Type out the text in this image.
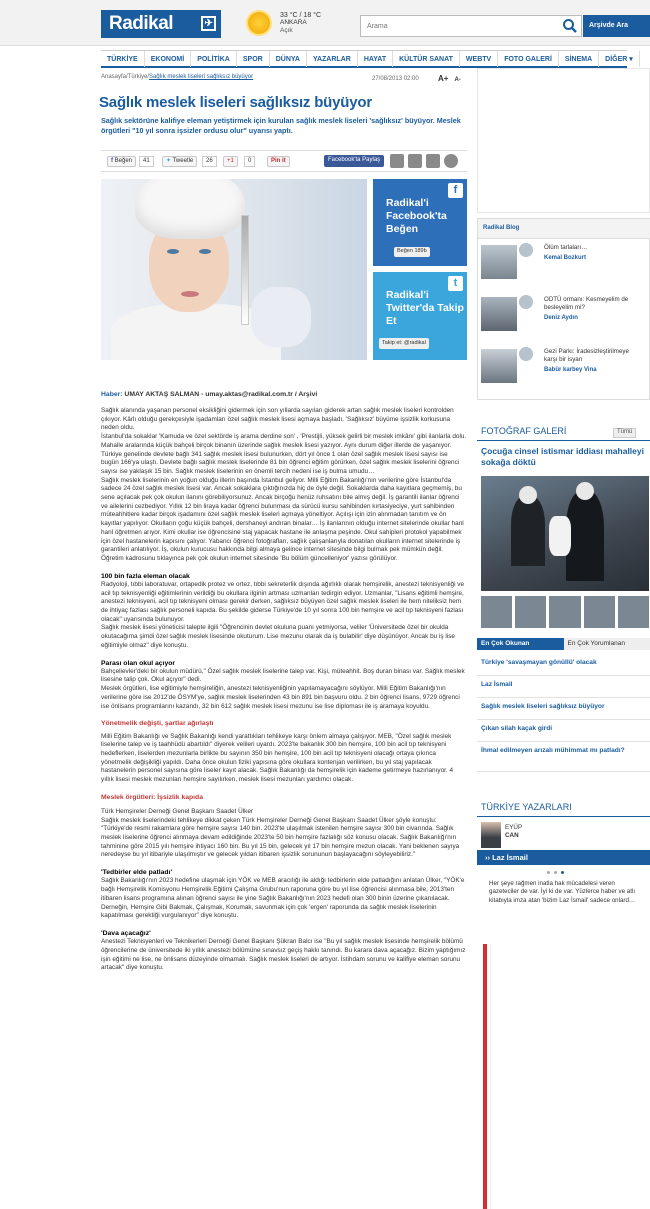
Radikal	✈
33 °C / 18 °C
ANKARA
Açık
Arama
Arşivde Ara
TÜRKİYE	EKONOMİ	POLİTİKA	SPOR	DÜNYA	YAZARLAR	HAYAT	KÜLTÜR SANAT	WEBTV	FOTO GALERİ	SİNEMA	DİĞER ▾
Anasayfa/Türkiye/Sağlık meslek liseleri sağlıksız büyüyor	27/08/2013 02:00 A+ A-
Sağlık meslek liseleri sağlıksız büyüyor
Sağlık sektörüne kalifiye eleman yetiştirmek için kurulan sağlık meslek liseleri 'sağlıksız' büyüyor. Meslek örgütleri "10 yıl sonra işsizler ordusu olur" uyarısı yaptı.
f Beğen	41	✦ Tweetle	26	+1	0	Pin it	Facebook'ta Paylaş
f
Radikal'i Facebook'ta Beğen
Beğen 189b
t
Radikal'i Twitter'da Takip Et
Takip et: @radikal
Haber: UMAY AKTAŞ SALMAN - umay.aktas@radikal.com.tr / Arşivi

Sağlık alanında yaşanan personel eksikliğini gidermek için son yıllarda sayıları giderek artan sağlık meslek liseleri kontrolden çıkıyor. Kârlı olduğu gerekçesiyle işadamları özel sağlık meslek lisesi açmaya başladı. 'Sağlıksız' büyüme işsizlik korkusuna neden oldu.

İstanbul'da sokaklar 'Kamuda ve özel sektörde iş arama derdine son' , 'Prestijli, yüksek gelirli bir meslek imkânı' gibi ilanlarla dolu. Mahalle aralarında küçük bahçeli birçok binanın üzerinde sağlık meslek lisesi yazıyor. Aynı durum diğer illerde de yaşanıyor.

Türkiye genelinde devlete bağlı 341 sağlık meslek lisesi bulunurken, dört yıl önce 1 olan özel sağlık meslek lisesi sayısı ise bugün 166'ya ulaştı. Devlete bağlı sağlık meslek liselerinde 81 bin öğrenci eğitim görürken, özel sağlık meslek liselerini öğrenci sayısı ise yaklaşık 15 bin. Sağlık meslek liselerinin en önemli tercih nedeni ise iş bulma umudu…

Sağlık meslek liselerinin en yoğun olduğu illerin başında İstanbul geliyor. Milli Eğitim Bakanlığı'nın verilerine göre İstanbul'da sadece 24 özel sağlık meslek lisesi var. Ancak sokaklara çıktığınızda hiç de öyle değil. Sokaklarda daha kayıtlara geçmemiş, bu sene açılacak pek çok okulun ilanını görebiliyorsunuz. Ancak birçoğu henüz ruhsatını bile almış değil. İş garantili ilanlar öğrenci ve ailelerini cezbediyor. Yıllık 12 bin liraya kadar öğrenci bulunması da sürücü kursu sahibinden kırtasiyeciye, yurt sahibinden müteahhitlere kadar birçok işadamını özel sağlık meslek liseleri açmaya yöneltiyor. Açılışı için izin alınmadan tanıtım ve ön kayıtlar yapılıyor. Okulların çoğu küçük bahçeli, dershaneyi andıran binalar… İş ilanlarının olduğu internet sitelerinde okullar hanl hanl öğretmen arıyor. Kimi okullar ise öğrencisine staj yapacak hastane ile anlaşma peşinde. Okul sahipleri protokol yapabilmek için özel hastanelerin kapısını çalıyor. Yabancı öğrenci fotoğrafları, sağlık çalışanlarıyla donatılan okulların internet sitelerinde iş garantileri anlatılıyor. İş, okulun kurucusu hakkında bilgi almaya gelince internet sitesinde bilgi bulmak pek mümkün değil. Öğretim kadrosunu tıklayınca pek çok okulun internet sitesinde 'Bu bölüm güncelleniyor' yazısı görülüyor.

100 bin fazla eleman olacak

Radyoloji, tıbbi laboratuvar, ortapedik protez ve ortez, tıbbi sekreterlik dışında ağırlıklı olarak hemşirelik, anestezi teknisyenliği ve acil tıp teknisyenliği eğitimlerinin verildiği bu okullara ilginin artması uzmanları tedirgin ediyor. Uzmanlar, "Lisans eğitimli hemşire, anestezi teknisyeni, acil tıp teknisyeni olması gerekir derken, sağlıksız büyüyen özel sağlık meslek liseleri ile hem niteliksiz hem de ihtiyaç fazlası sağlık personeli kapıda. Bu şekilde giderse Türkiye'de 10 yıl sonra 100 bin hemşire ve acil tıp teknisyeni fazlası olacak" uyarısında bulunuyor.

Sağlık meslek lisesi yöneticisi talepte ilgili "Öğrencinin devlet okuluna puanı yetmiyorsa, veliler 'Üniversitede özel bir okulda okutacağıma şimdi özel sağlık meslek lisesinde okuturum. Lise mezunu olarak da iş bulabilir' diye düşünüyor. Ancak bu iş lise eğitimiyle olmaz" diye konuştu.

Parası olan okul açıyor

Bahçelievler'deki bir okulun müdürü," Özel sağlık meslek liselerine talep var. Kişi, müteahhit. Boş duran binası var. Sağlık meslek lisesine talip çok. Okul açıyor" dedi.

Meslek örgütleri, lise eğitimiyle hemşireliğin, anestezi teknisyenliğinin yapılamayacağını söylüyor. Milli Eğitim Bakanlığı'nın verilerine göre ise 2012'de ÖSYM'ye, sağlık meslek liselerinden 43 bin 891 bin başvuru oldu. 2 bin öğrenci lisans, 9729 öğrenci ise önlisans programlarını kazandı, 32 bin 612 sağlık meslek lisesi mezunu ise lise diploması ile iş aramaya koyuldu.

Yönetmelik değişti, şartlar ağırlaştı

Milli Eğitim Bakanlığı ve Sağlık Bakanlığı kendi yarattıkları tehlikeye karşı önlem almaya çalışıyor. MEB, "Özel sağlık meslek liselerine talep ve iş taahhüdü abartıldı" diyerek velileri uyardı. 2023'te bakanlık 300 bin hemşire, 100 bin acil tıp teknisyeni hedeflerken, liselerden mezunlarla birlikte bu sayının 350 bin hemşire, 100 bin acil tıp teknisyeni olacağı ortaya çıkınca yönetmelik değişikliği yapıldı. Daha önce okulun fiziki yapısına göre okullara kontenjan verilirken, bu yıl staj yapılacak hastanelerin personel sayısına göre liseler kayıt alacak. Sağlık Bakanlığı da hemşirelik için kademe getirmeye hazırlanıyor. 4 yıllık lisesi meslek mezunları hemşire sayılırken, meslek lisesi mezunları yardımcı olacak.

Meslek örgütleri: İşsizlik kapıda

Türk Hemşireler Derneği Genel Başkanı Saadet Ülker

Sağlık meslek liselerindeki tehlikeye dikkat çeken Türk Hemşireler Derneği Genel Başkanı Saadet Ülker şöyle konuştu: "Türkiye'de resmi rakamlara göre hemşire sayısı 140 bin. 2023'te ulaşılmak istenilen hemşire sayısı 300 bin civarında. Sağlık meslek liselerine öğrenci alınmaya devam edildiğinde 2023'te 50 bin hemşire fazlalığı söz konusu olacak. Sağlık Bakanlığı'nın tahminine göre 2015 yılı hemşire ihtiyacı 160 bin. Bu yıl 15 bin, gelecek yıl 17 bin hemşire mezun olacak. Yani beklenen sayıya neredeyse bu yıl itibariyle ulaşılmıştır ve gelecek yıldan itibaren işsizlik sorununun başlayacağını söyleyebiliriz."

'Tedbirler elde patladı'

Sağlık Bakanlığı'nın 2023 hedefine ulaşmak için YÖK ve MEB aracılığı ile aldığı tedbirlerin elde patladığını anlatan Ülker, "YÖK'e bağlı Hemşirelik Komisyonu Hemşirelik Eğitimi Çalışma Grubu'nun raporuna göre bu yıl lise öğrencisi alınmasa bile, 2013'ten itibaren lisans programına alınan öğrenci sayısı ile yine Sağlık Bakanlığı'nın 2023 hedefi olan 300 binin üzerine çıkanılacak. Derneğin, Hemşire Gibi Bakmak, Çalışmak, Korumak, savunmak için çok 'ergen' raporunda da sağlık meslek liselerinin kapatılması gerektiği vurgulanıyor" diye konuştu.

'Dava açacağız'

Anestezi Teknisyenleri ve Teknikerleri Derneği Genel Başkanı Şükran Balcı ise "Bu yıl sağlık meslek lisesinde hemşirelik bölümü öğrencilerine de üniversitede iki yıllık anestezi bölümüne sınavsız geçiş hakkı tanındı. Bu karara dava açacağız. Bizim yaptığımız işin eğitimi ne lise, ne önlisans düzeyinde olmamalı. Sağlık meslek liseleri de artıyor. İstihdam sorunu ve kalifiye eleman sorunu artacak" diye konuştu.

Radikal Blog
Ölüm tarlaları…
Kemal Bozkurt
ODTÜ ormanı: Kesmeyelim de besleyelim mi?
Deniz Aydın
Gezi Parkı: İradesizleştirilmeye karşı bir isyan
Babür karbey Vina
FOTOĞRAF GALERİ	Tümü
Çocuğa cinsel istismar iddiası mahalleyi sokağa döktü
En Çok Okunan	En Çok Yorumlanan
Türkiye 'savaşmayan gönüllü' olacak
Laz İsmail
Sağlık meslek liseleri sağlıksız büyüyor
Çıkan silah kaçak girdi
İhmal edilmeyen arızalı mühimmat mı patladı?
TÜRKİYE YAZARLARI
EYÜP
CAN
›› Laz İsmail
Her şeye rağmen inatla hak mücadelesi veren gazeteciler de var. İyi ki de var. Yüzlerce haber ve atlı kitabıyla imza atan 'bizim Laz İsmail' sadece onlard…
